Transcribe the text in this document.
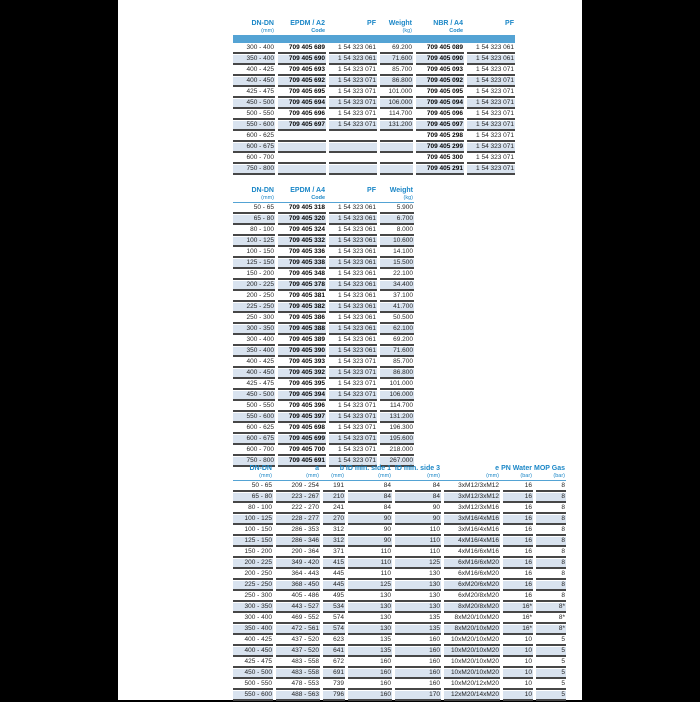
DN-DN
(mm)

EPDM / A2
Code

PF	Weight
(kg)

NBR / A4
Code

PF

300 - 400	709 405 689	1 54 323 061	69.200	709 405 089	1 54 323 061
350 - 400	709 405 690	1 54 323 061	71.600	709 405 090	1 54 323 061
400 - 425	709 405 693	1 54 323 071	85.700	709 405 093	1 54 323 071
400 - 450	709 405 692	1 54 323 071	86.800	709 405 092	1 54 323 071
425 - 475	709 405 695	1 54 323 071	101.000	709 405 095	1 54 323 071
450 - 500	709 405 694	1 54 323 071	106.000	709 405 094	1 54 323 071
500 - 550	709 405 696	1 54 323 071	114.700	709 405 096	1 54 323 071
550 - 600	709 405 697	1 54 323 071	131.200	709 405 097	1 54 323 071
600 - 625				709 405 298	1 54 323 071
600 - 675				709 405 299	1 54 323 071
600 - 700				709 405 300	1 54 323 071
750 - 800				709 405 291	1 54 323 071
DN-DN
(mm)

EPDM / A4
Code

PF	Weight
(kg)

50 - 65	709 405 318	1 54 323 061	5.900
65 - 80	709 405 320	1 54 323 061	6.700
80 - 100	709 405 324	1 54 323 061	8.000
100 - 125	709 405 332	1 54 323 061	10.600
100 - 150	709 405 336	1 54 323 061	14.100
125 - 150	709 405 338	1 54 323 061	15.500
150 - 200	709 405 348	1 54 323 061	22.100
200 - 225	709 405 378	1 54 323 061	34.400
200 - 250	709 405 381	1 54 323 061	37.100
225 - 250	709 405 382	1 54 323 061	41.700
250 - 300	709 405 386	1 54 323 061	50.500
300 - 350	709 405 388	1 54 323 061	62.100
300 - 400	709 405 389	1 54 323 061	69.200
350 - 400	709 405 390	1 54 323 061	71.600
400 - 425	709 405 393	1 54 323 071	85.700
400 - 450	709 405 392	1 54 323 071	86.800
425 - 475	709 405 395	1 54 323 071	101.000
450 - 500	709 405 394	1 54 323 071	106.000
500 - 550	709 405 396	1 54 323 071	114.700
550 - 600	709 405 397	1 54 323 071	131.200
600 - 625	709 405 698	1 54 323 071	196.300
600 - 675	709 405 699	1 54 323 071	195.600
600 - 700	709 405 700	1 54 323 071	218.000
750 - 800	709 405 691	1 54 323 071	267.000
DN-DN
(mm)

a
(mm)

b
(mm)

ID min. side 1
(mm)

ID min. side 3
(mm)

e
(mm)

PN Water
(bar)

MOP Gas
(bar)

50 - 65	209 - 254	191	84	84	3xM12/3xM12	16	8
65 - 80	223 - 267	210	84	84	3xM12/3xM12	16	8
80 - 100	222 - 270	241	84	90	3xM12/3xM16	16	8
100 - 125	228 - 277	270	90	90	3xM16/4xM16	16	8
100 - 150	286 - 353	312	90	110	3xM16/4xM16	16	8
125 - 150	286 - 346	312	90	110	4xM16/4xM16	16	8
150 - 200	290 - 364	371	110	110	4xM16/6xM16	16	8
200 - 225	349 - 420	415	110	125	6xM16/6xM20	16	8
200 - 250	364 - 443	445	110	130	6xM16/6xM20	16	8
225 - 250	368 - 450	445	125	130	6xM20/6xM20	16	8
250 - 300	405 - 486	495	130	130	6xM20/8xM20	16	8
300 - 350	443 - 527	534	130	130	8xM20/8xM20	16*	8*
300 - 400	469 - 552	574	130	135	8xM20/10xM20	16*	8*
350 - 400	472 - 561	574	130	135	8xM20/10xM20	16*	8*
400 - 425	437 - 520	623	135	160	10xM20/10xM20	10	5
400 - 450	437 - 520	641	135	160	10xM20/10xM20	10	5
425 - 475	483 - 558	672	160	160	10xM20/10xM20	10	5
450 - 500	483 - 558	691	160	160	10xM20/10xM20	10	5
500 - 550	478 - 553	739	160	160	10xM20/12xM20	10	5
550 - 600	488 - 563	796	160	170	12xM20/14xM20	10	5
